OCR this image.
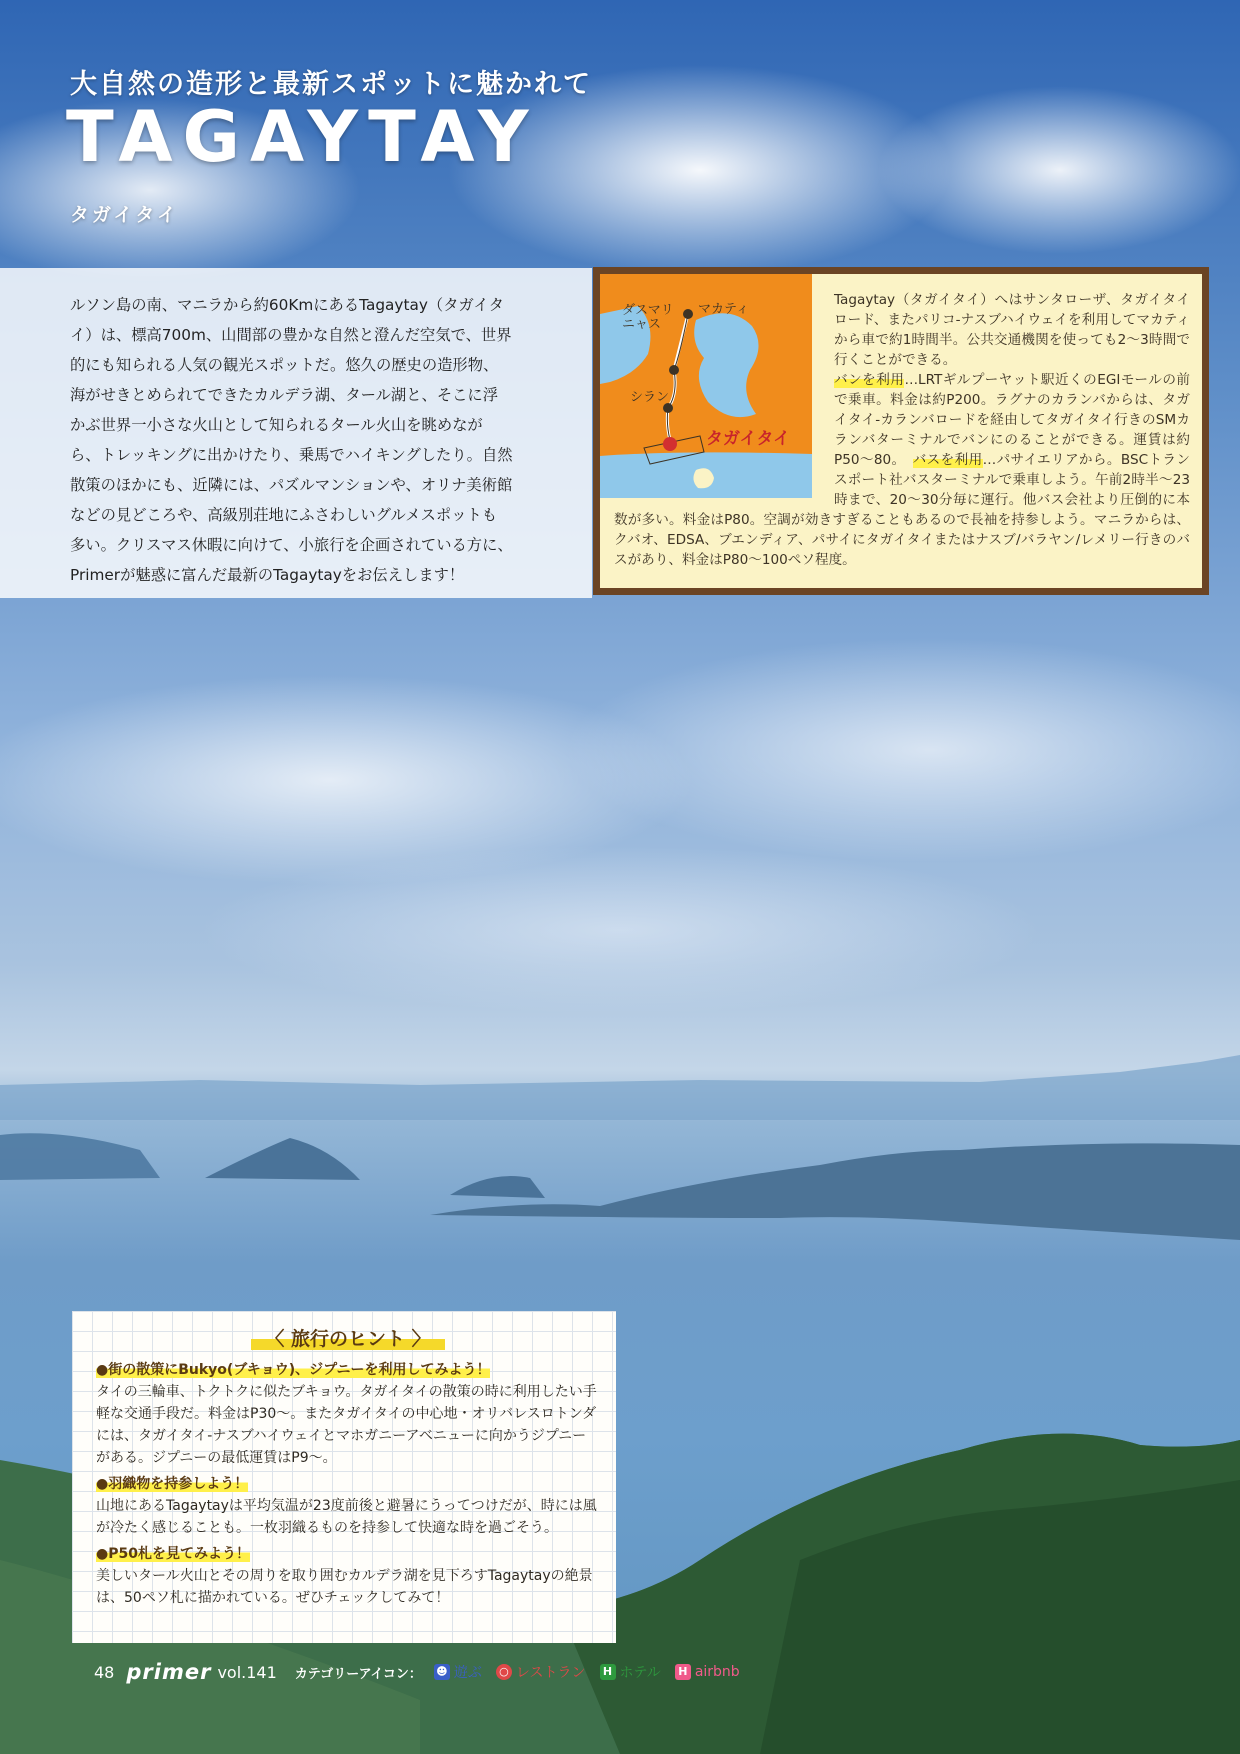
大自然の造形と最新スポットに魅かれて
TAGAYTAY
タガイタイ

ルソン島の南、マニラから約60KmにあるTagaytay（タガイタ

イ）は、標高700m、山間部の豊かな自然と澄んだ空気で、世界

的にも知られる人気の観光スポットだ。悠久の歴史の造形物、

海がせきとめられてできたカルデラ湖、タール湖と、そこに浮

かぶ世界一小さな火山として知られるタール火山を眺めなが

ら、トレッキングに出かけたり、乗馬でハイキングしたり。自然

散策のほかにも、近隣には、パズルマンションや、オリナ美術館

などの見どころや、高級別荘地にふさわしいグルメスポットも

多い。クリスマス休暇に向けて、小旅行を企画されている方に、

Primerが魅惑に富んだ最新のTagaytayをお伝えします！

ダスマリ
ニャス
マカティ
シラン
タガイタイ
Tagaytay（タガイタイ）へはサンタローザ、タガイタイロード、またパリコ-ナスブハイウェイを利用してマカティから車で約1時間半。公共交通機関を使っても2〜3時間で行くことができる。
バンを利用…LRTギルプーヤット駅近くのEGIモールの前で乗車。料金は約P200。ラグナのカランバからは、タガイタイ-カランバロードを経由してタガイタイ行きのSMカランバターミナルでバンにのることができる。運賃は約P50〜80。　 バスを利用…パサイエリアから。BSCトランスポート社バスターミナルで乗車しよう。午前2時半〜23時まで、20〜30分毎に運行。他バス会社より圧倒的に本数が多い。料金はP80。空調が効きすぎることもあるので長袖を持参しよう。マニラからは、クバオ、EDSA、ブエンディア、パサイにタガイタイまたはナスブ/バラヤン/レメリー行きのバスがあり、料金はP80〜100ペソ程度。
〈 旅行のヒント 〉

●街の散策にBukyo(ブキョウ)、ジプニーを利用してみよう！

タイの三輪車、トクトクに似たブキョウ。タガイタイの散策の時に利用したい手軽な交通手段だ。料金はP30〜。またタガイタイの中心地・オリバレスロトンダには、タガイタイ-ナスブハイウェイとマホガニーアベニューに向かうジプニーがある。ジプニーの最低運賃はP9〜。

●羽織物を持参しよう！

山地にあるTagaytayは平均気温が23度前後と避暑にうってつけだが、時には風が冷たく感じることも。一枚羽織るものを持参して快適な時を過ごそう。

●P50札を見てみよう！

美しいタール火山とその周りを取り囲むカルデラ湖を見下ろすTagaytayの絶景は、50ペソ札に描かれている。ぜひチェックしてみて！

48 primer vol.141 カテゴリーアイコン： ☻ 遊ぶ ○ レストラン	H ホテル	H airbnb
